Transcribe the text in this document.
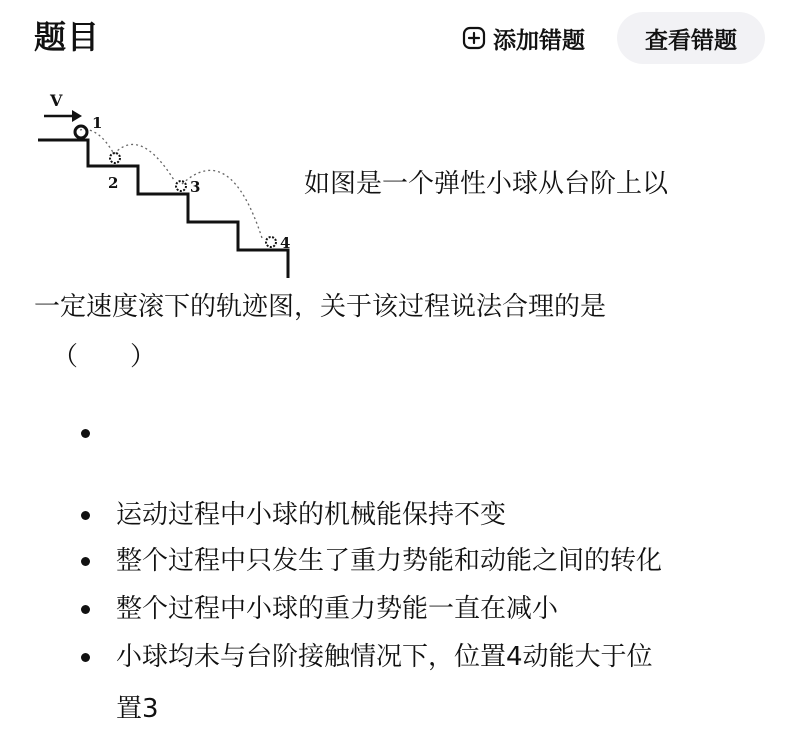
题目	添加错题	查看错题
V
1
2	3
4
如图是一个弹性小球从台阶上以
一定速度滚下的轨迹图，关于该过程说法合理的是
（　　）
运动过程中小球的机械能保持不变
整个过程中只发生了重力势能和动能之间的转化
整个过程中小球的重力势能一直在减小
小球均未与台阶接触情况下，位置4动能大于位
置3
